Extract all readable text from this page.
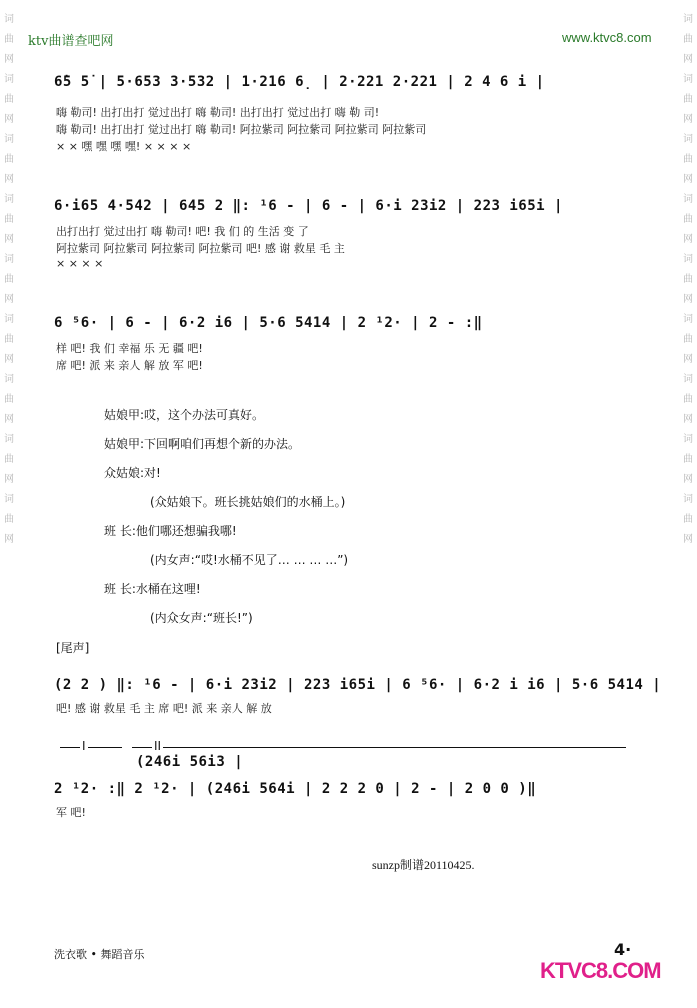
词
曲
网
词
曲
网
词
曲
网
词
曲
网
词
曲
网
词
曲
网
词
曲
网
词
曲
网
词
曲
网
词
曲
网
词
曲
网
词
曲
网
词
曲
网
词
曲
网
词
曲
网
词
曲
网
词
曲
网
词
曲
网
ktv曲谱查吧网	www.ktvc8.com
6̇5 5̇ | 5·653 3·532 | 1·216 6̣ | 2·221 2·221 | 2 4 6 i |
嗨 勒司! 出打出打 觉过出打 嗨 勒司! 出打出打 觉过出打 嗨 勒 司!
嗨 勒司! 出打出打 觉过出打 嗨 勒司! 阿拉紫司 阿拉紫司 阿拉紫司 阿拉紫司
× × 嘿 嘿 嘿 嘿! × × × ×
6·i65 4·542 | 645 2 ‖: ¹6 - | 6 - | 6·i 23i2 | 223 i65i |
出打出打 觉过出打 嗨 勒司! 吧! 我 们 的 生活 变 了
阿拉紫司 阿拉紫司 阿拉紫司 阿拉紫司 吧! 感 谢 救星 毛 主
× × × ×
6 ⁵6· | 6 - | 6·2 i6 | 5·6 5414 | 2 ¹2· | 2 - :‖
样 吧! 我 们 幸福 乐 无 疆 吧!
席 吧! 派 来 亲人 解 放 军 吧!
姑娘甲:哎，这个办法可真好。
姑娘甲:下回啊咱们再想个新的办法。
众姑娘:对!
(众姑娘下。班长挑姑娘们的水桶上。)
班 长:他们哪还想骗我哪!
(内女声:“哎!水桶不见了… … … …”)
班 长:水桶在这哩!
(内众女声:“班长!”)
[尾声]
(2 2 ) ‖: ¹6 - | 6·i 23i2 | 223 i65i | 6 ⁵6· | 6·2 i i6 | 5·6 5414 |
吧! 感 谢 救星 毛 主 席 吧! 派 来 亲人 解 放
I	II
(246i 56i3 |
2 ¹2· :‖ 2 ¹2· | (246i 564i | 2 2 2 0 | 2 - | 2 0 0 )‖
军 吧!
sunzp制谱20110425.
洗衣歌 • 舞蹈音乐	4·
KTVC8.COM
